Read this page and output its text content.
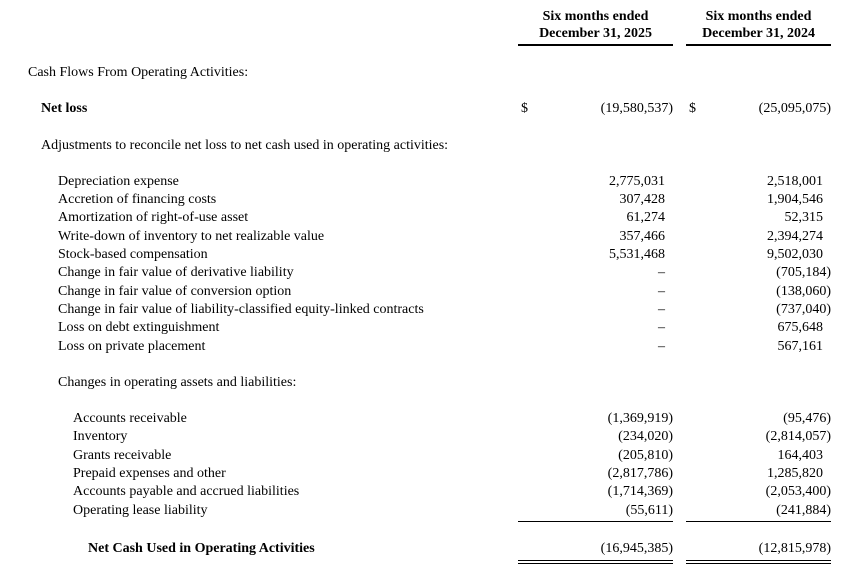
Six months ended
December 31, 2025
Six months ended
December 31, 2024
Cash Flows From Operating Activities:
Net loss	$	(19,580,537) $	(25,095,075)
Adjustments to reconcile net loss to net cash used in operating activities:
Depreciation expense	2,775,031	2,518,001
Accretion of financing costs	307,428	1,904,546
Amortization of right-of-use asset	61,274	52,315
Write-down of inventory to net realizable value	357,466	2,394,274
Stock-based compensation	5,531,468	9,502,030
Change in fair value of derivative liability	–	(705,184)
Change in fair value of conversion option	–	(138,060)
Change in fair value of liability-classified equity-linked contracts	–	(737,040)
Loss on debt extinguishment	–	675,648
Loss on private placement	–	567,161
Changes in operating assets and liabilities:
Accounts receivable	(1,369,919)	(95,476)
Inventory	(234,020)	(2,814,057)
Grants receivable	(205,810)	164,403
Prepaid expenses and other	(2,817,786)	1,285,820
Accounts payable and accrued liabilities	(1,714,369)	(2,053,400)
Operating lease liability	(55,611)	(241,884)
Net Cash Used in Operating Activities	(16,945,385)	(12,815,978)
